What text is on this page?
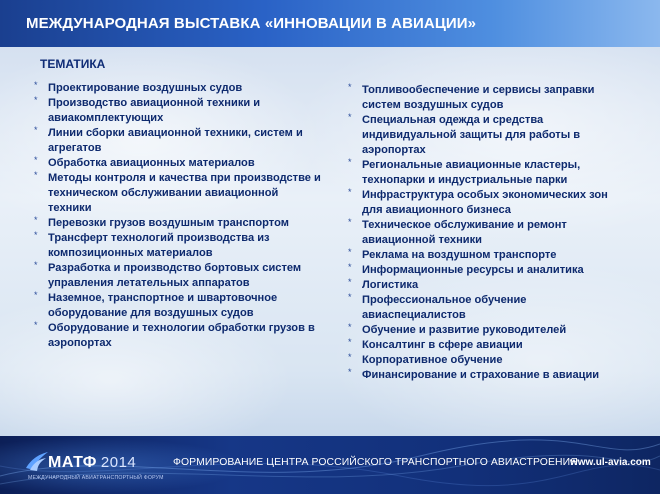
МЕЖДУНАРОДНАЯ ВЫСТАВКА «ИННОВАЦИИ В АВИАЦИИ»
ТЕМАТИКА
* Проектирование воздушных судов
* Производство авиационной техники и
авиакомплектующих
* Линии сборки авиационной техники, систем и
агрегатов
* Обработка авиационных материалов
* Методы контроля и качества при производстве и
техническом обслуживании авиационной
техники
* Перевозки грузов воздушным транспортом
* Трансферт технологий производства из
композиционных материалов
* Разработка и производство бортовых систем
управления летательных аппаратов
* Наземное, транспортное и швартовочное
оборудование для воздушных судов
* Оборудование и технологии обработки грузов в
аэропортах
* Топливообеспечение и сервисы заправки
систем воздушных судов
* Специальная одежда и средства
индивидуальной защиты для работы в
аэропортах
* Региональные авиационные кластеры,
технопарки и индустриальные парки
* Инфраструктура особых экономических зон
для авиационного бизнеса
* Техническое обслуживание и ремонт
авиационной техники
* Реклама на воздушном транспорте
* Информационные ресурсы и аналитика
* Логистика
* Профессиональное обучение
авиаспециалистов
* Обучение и развитие руководителей
* Консалтинг в сфере авиации
* Корпоративное обучение
* Финансирование и страхование в авиации
МАТФ 2014
МЕЖДУНАРОДНЫЙ АВИАТРАНСПОРТНЫЙ ФОРУМ
ФОРМИРОВАНИЕ ЦЕНТРА РОССИЙСКОГО ТРАНСПОРТНОГО АВИАСТРОЕНИЯ
www.ul-avia.com
